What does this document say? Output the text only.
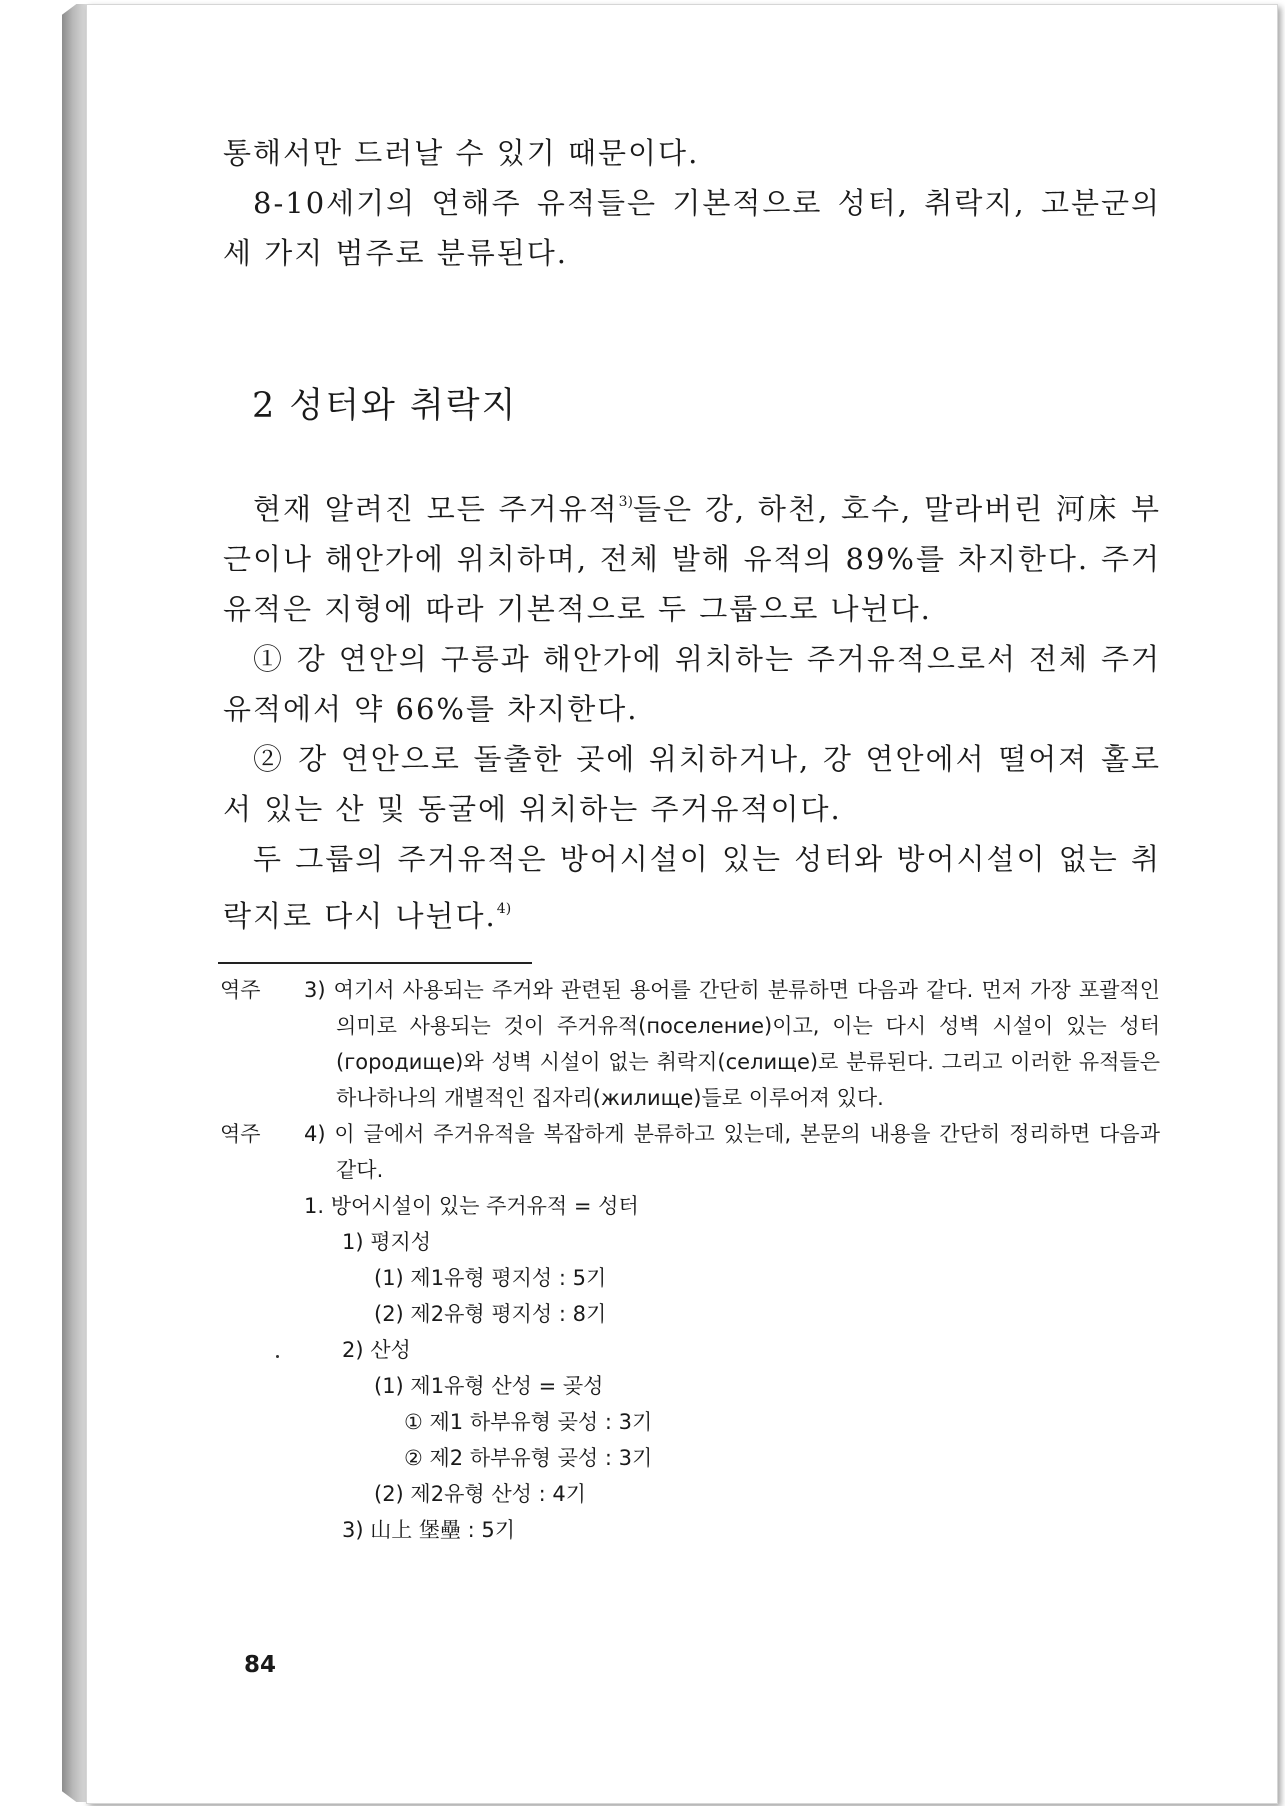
통해서만 드러날 수 있기 때문이다.

8-10세기의 연해주 유적들은 기본적으로 성터, 취락지, 고분군의 세 가지 범주로 분류된다.

2 성터와 취락지

현재 알려진 모든 주거유적$^{3)}$들은 강, 하천, 호수, 말라버린 河床 부근이나 해안가에 위치하며, 전체 발해 유적의 89%를 차지한다. 주거유적은 지형에 따라 기본적으로 두 그룹으로 나뉜다.

① 강 연안의 구릉과 해안가에 위치하는 주거유적으로서 전체 주거유적에서 약 66%를 차지한다.

② 강 연안으로 돌출한 곳에 위치하거나, 강 연안에서 떨어져 홀로 서 있는 산 및 동굴에 위치하는 주거유적이다.

두 그룹의 주거유적은 방어시설이 있는 성터와 방어시설이 없는 취락지로 다시 나뉜다.$^{4)}$

역주 3) 여기서 사용되는 주거와 관련된 용어를 간단히 분류하면 다음과 같다. 먼저 가장 포괄적인 의미로 사용되는 것이 주거유적(поселение)이고, 이는 다시 성벽 시설이 있는 성터(городище)와 성벽 시설이 없는 취락지(селище)로 분류된다. 그리고 이러한 유적들은 하나하나의 개별적인 집자리(жилище)들로 이루어져 있다.
역주 4) 이 글에서 주거유적을 복잡하게 분류하고 있는데, 본문의 내용을 간단히 정리하면 다음과 같다.
1. 방어시설이 있는 주거유적 = 성터
1) 평지성
(1) 제1유형 평지성 : 5기
(2) 제2유형 평지성 : 8기
2) 산성
(1) 제1유형 산성 = 곶성
① 제1 하부유형 곶성 : 3기
② 제2 하부유형 곶성 : 3기
(2) 제2유형 산성 : 4기
3) 山上 堡壘 : 5기

84
